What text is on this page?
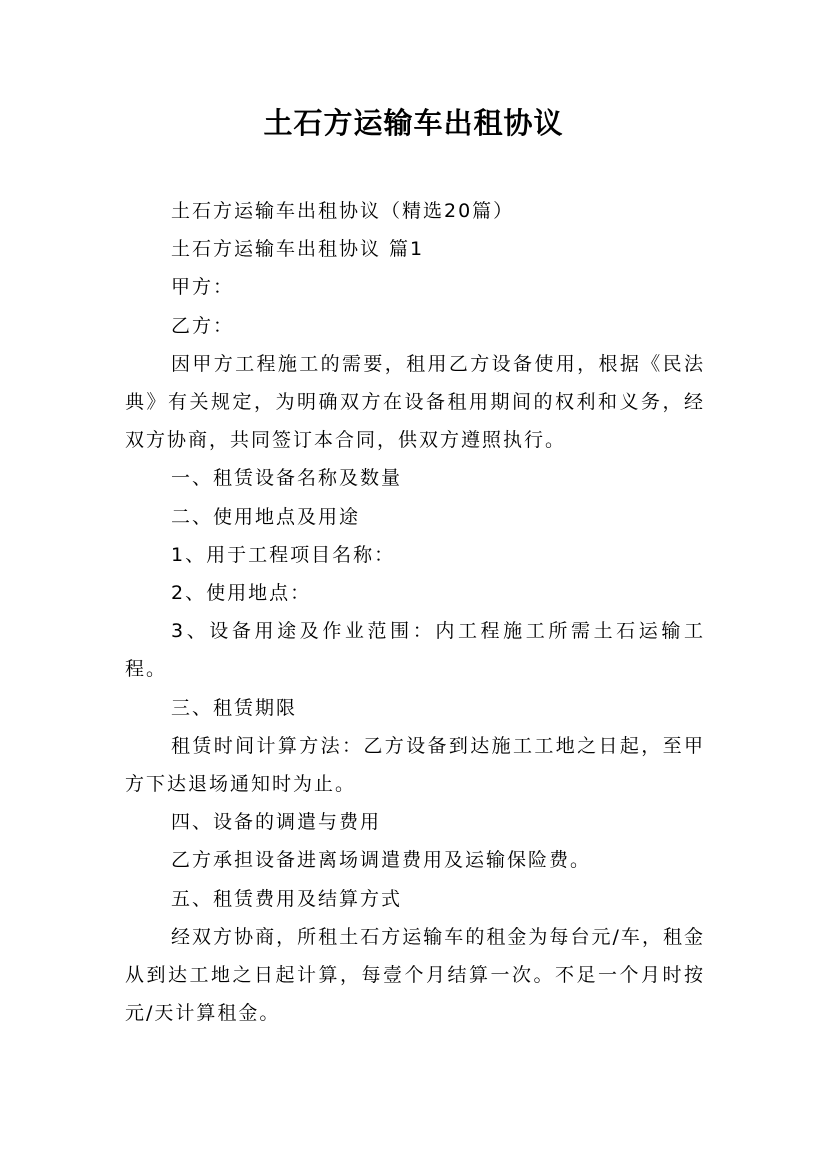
土石方运输车出租协议

土石方运输车出租协议（精选20篇）

土石方运输车出租协议 篇1

甲方：

乙方：

因甲方工程施工的需要，租用乙方设备使用，根据《民法典》有关规定，为明确双方在设备租用期间的权利和义务，经双方协商，共同签订本合同，供双方遵照执行。

一、租赁设备名称及数量

二、使用地点及用途

1、用于工程项目名称：

2、使用地点：

3、设备用途及作业范围：内工程施工所需土石运输工程。

三、租赁期限

租赁时间计算方法：乙方设备到达施工工地之日起，至甲方下达退场通知时为止。

四、设备的调遣与费用

乙方承担设备进离场调遣费用及运输保险费。

五、租赁费用及结算方式

经双方协商，所租土石方运输车的租金为每台元/车，租金从到达工地之日起计算，每壹个月结算一次。不足一个月时按元/天计算租金。
